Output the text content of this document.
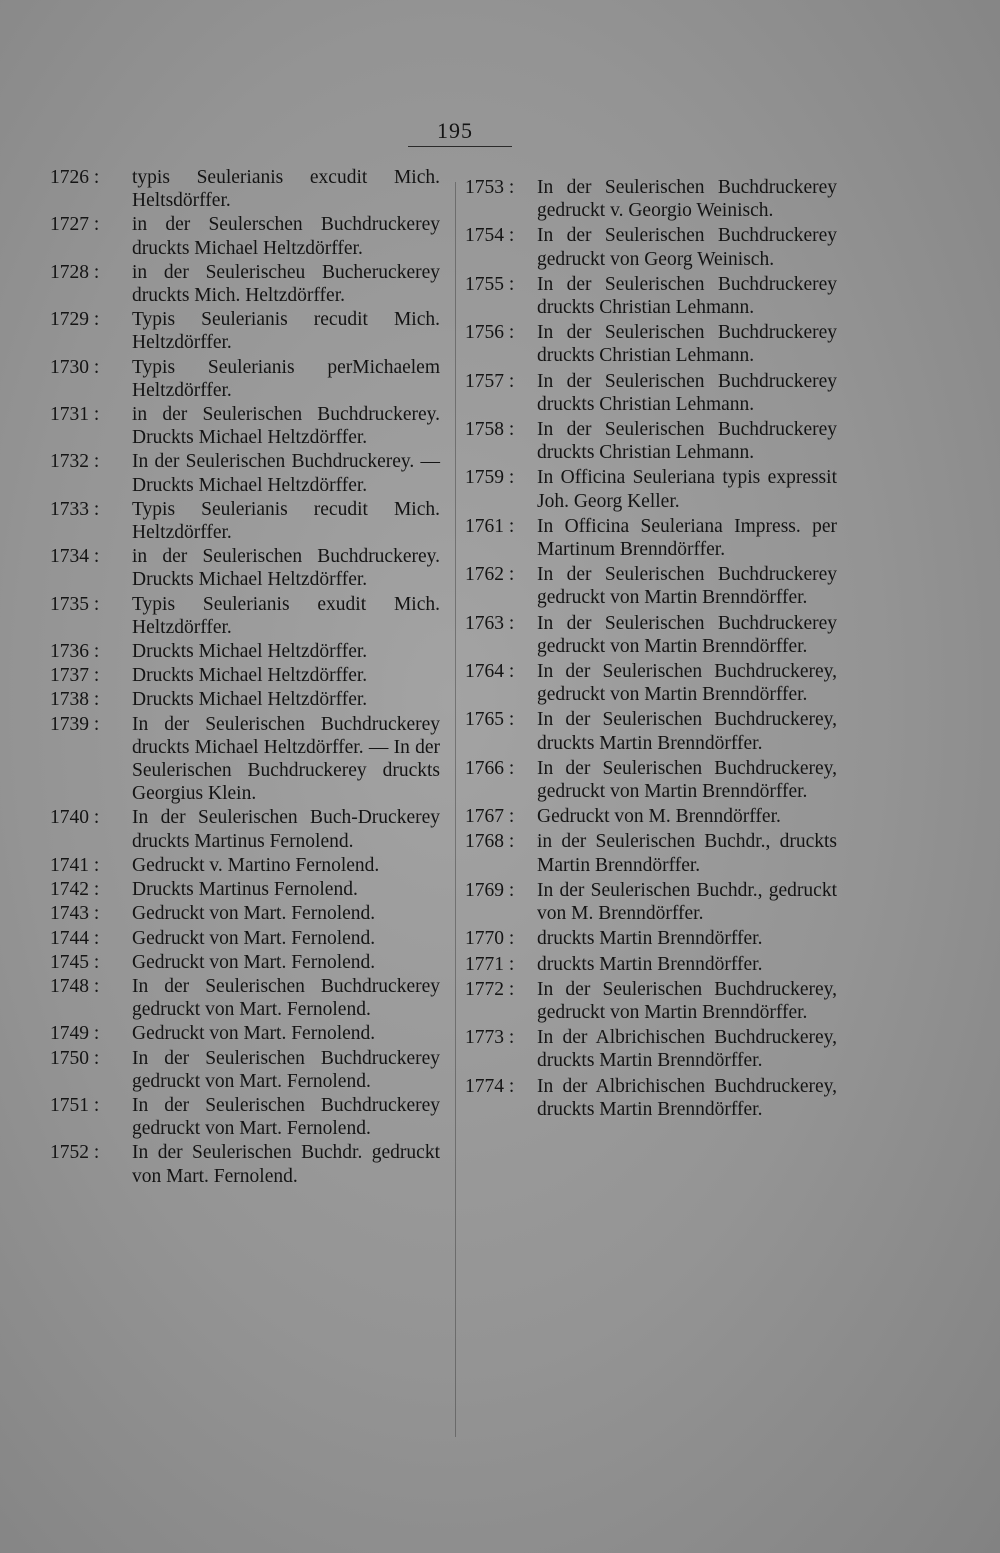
195
1726 :	typis Seulerianis excudit Mich. Heltsdörffer.
1727 :	in der Seulerschen Buchdruckerey druckts Michael Heltzdörffer.
1728 :	in der Seulerischeu Bucheruckerey druckts Mich. Heltzdörffer.
1729 :	Typis Seulerianis recudit Mich. Heltzdörffer.
1730 :	Typis Seulerianis perMichaelem Heltzdörffer.
1731 :	in der Seulerischen Buchdruckerey. Druckts Michael Heltzdörffer.
1732 :	In der Seulerischen Buchdruckerey. — Druckts Michael Heltzdörffer.
1733 :	Typis Seulerianis recudit Mich. Heltzdörffer.
1734 :	in der Seulerischen Buchdruckerey. Druckts Michael Heltzdörffer.
1735 :	Typis Seulerianis exudit Mich. Heltzdörffer.
1736 :	Druckts Michael Heltzdörffer.
1737 :	Druckts Michael Heltzdörffer.
1738 :	Druckts Michael Heltzdörffer.
1739 :	In der Seulerischen Buchdruckerey druckts Michael Heltzdörffer. — In der Seulerischen Buchdruckerey druckts Georgius Klein.
1740 :	In der Seulerischen Buch-Druckerey druckts Martinus Fernolend.
1741 :	Gedruckt v. Martino Fernolend.
1742 :	Druckts Martinus Fernolend.
1743 :	Gedruckt von Mart. Fernolend.
1744 :	Gedruckt von Mart. Fernolend.
1745 :	Gedruckt von Mart. Fernolend.
1748 :	In der Seulerischen Buchdruckerey gedruckt von Mart. Fernolend.
1749 :	Gedruckt von Mart. Fernolend.
1750 :	In der Seulerischen Buchdruckerey gedruckt von Mart. Fernolend.
1751 :	In der Seulerischen Buchdruckerey gedruckt von Mart. Fernolend.
1752 :	In der Seulerischen Buchdr. gedruckt von Mart. Fernolend.
1753 :	In der Seulerischen Buchdruckerey gedruckt v. Georgio Weinisch.
1754 :	In der Seulerischen Buchdruckerey gedruckt von Georg Weinisch.
1755 :	In der Seulerischen Buchdruckerey druckts Christian Lehmann.
1756 :	In der Seulerischen Buchdruckerey druckts Christian Lehmann.
1757 :	In der Seulerischen Buchdruckerey druckts Christian Lehmann.
1758 :	In der Seulerischen Buchdruckerey druckts Christian Lehmann.
1759 :	In Officina Seuleriana typis expressit Joh. Georg Keller.
1761 :	In Officina Seuleriana Impress. per Martinum Brenndörffer.
1762 :	In der Seulerischen Buchdruckerey gedruckt von Martin Brenndörffer.
1763 :	In der Seulerischen Buchdruckerey gedruckt von Martin Brenndörffer.
1764 :	In der Seulerischen Buchdruckerey, gedruckt von Martin Brenndörffer.
1765 :	In der Seulerischen Buchdruckerey, druckts Martin Brenndörffer.
1766 :	In der Seulerischen Buchdruckerey, gedruckt von Martin Brenndörffer.
1767 :	Gedruckt von M. Brenndörffer.
1768 :	in der Seulerischen Buchdr., druckts Martin Brenndörffer.
1769 :	In der Seulerischen Buchdr., gedruckt von M. Brenndörffer.
1770 :	druckts Martin Brenndörffer.
1771 :	druckts Martin Brenndörffer.
1772 :	In der Seulerischen Buchdruckerey, gedruckt von Martin Brenndörffer.
1773 :	In der Albrichischen Buchdruckerey, druckts Martin Brenndörffer.
1774 :	In der Albrichischen Buchdruckerey, druckts Martin Brenndörffer.
